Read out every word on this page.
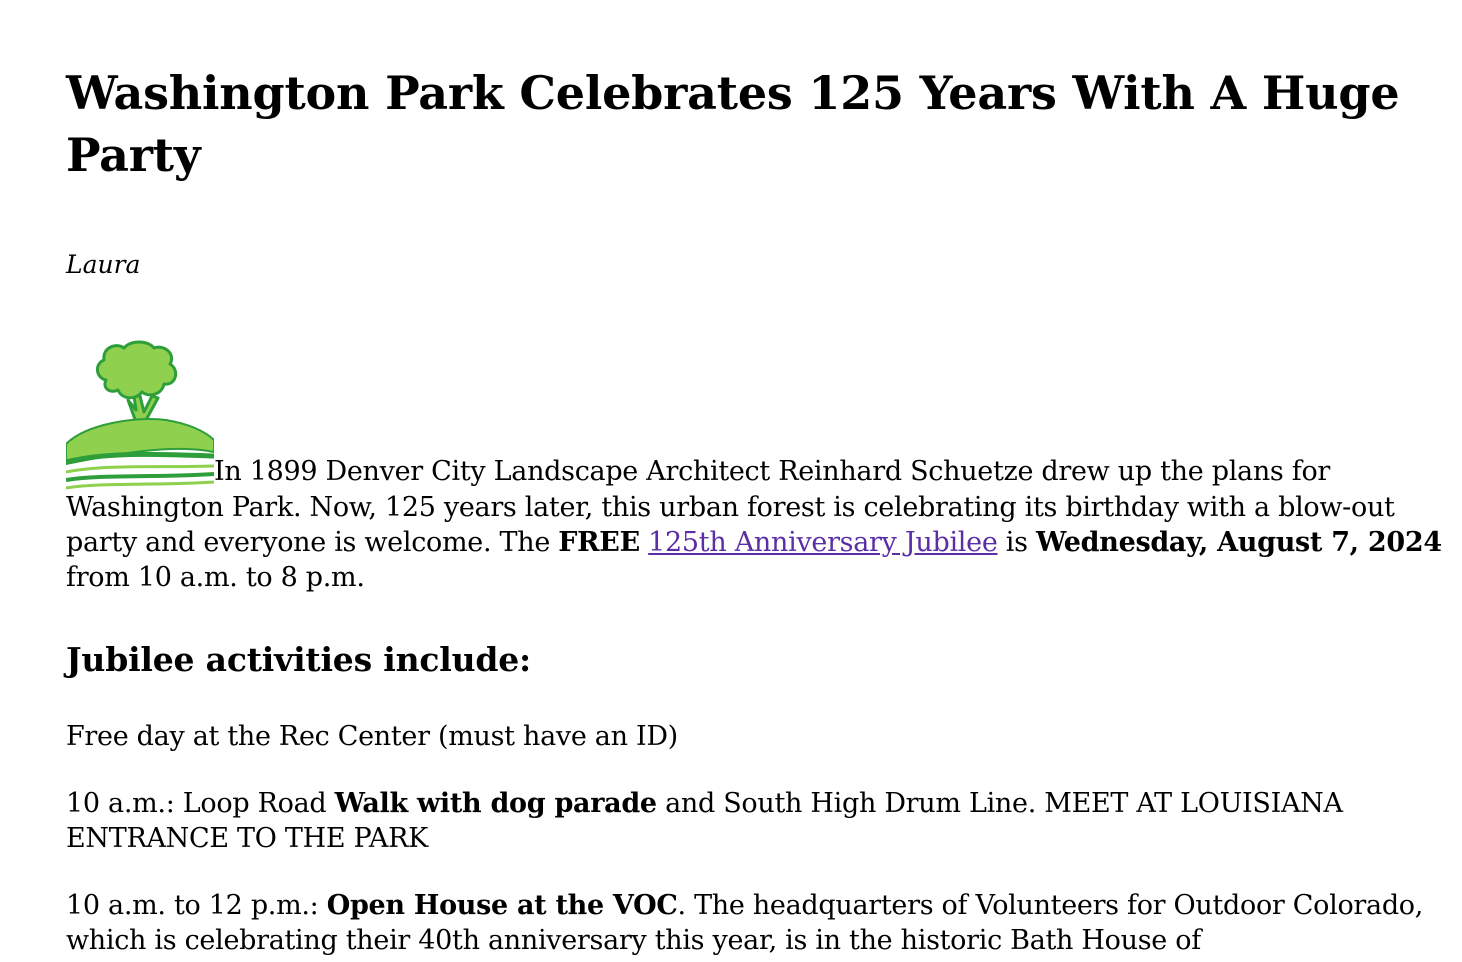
Washington Park Celebrates 125 Years With A Huge Party

Laura

In 1899 Denver City Landscape Architect Reinhard Schuetze drew up the plans for Washington Park. Now, 125 years later, this urban forest is celebrating its birthday with a blow-out party and everyone is welcome. The FREE 125th Anniversary Jubilee is Wednesday, August 7, 2024 from 10 a.m. to 8 p.m.

Jubilee activities include:

Free day at the Rec Center (must have an ID)

10 a.m.: Loop Road Walk with dog parade and South High Drum Line. MEET AT LOUISIANA ENTRANCE TO THE PARK

10 a.m. to 12 p.m.: Open House at the VOC. The headquarters of Volunteers for Outdoor Colorado, which is celebrating their 40th anniversary this year, is in the historic Bath House of
